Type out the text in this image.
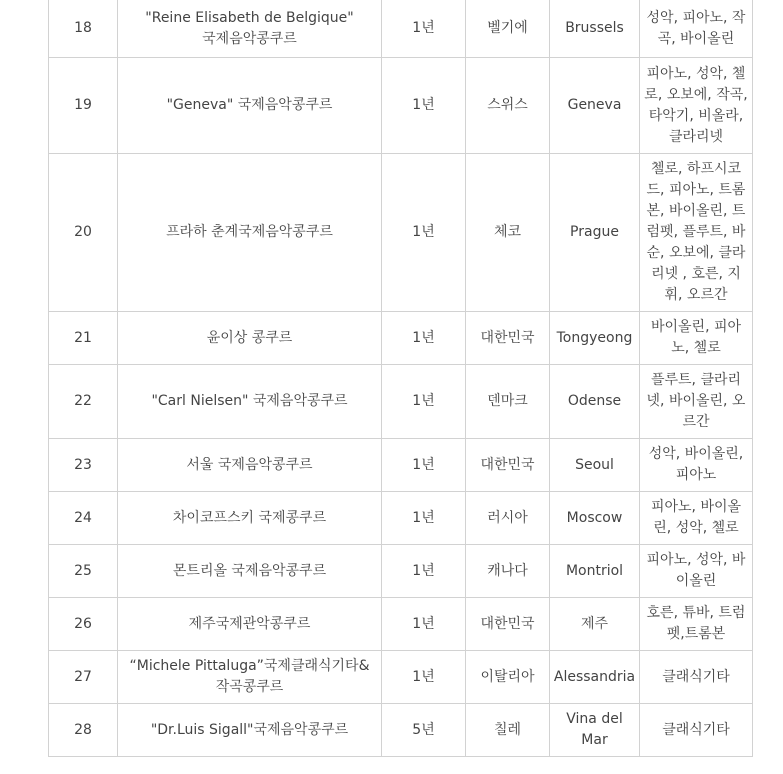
18	"Reine Elisabeth de Belgique" 국제음악콩쿠르	1년	벨기에	Brussels	성악, 피아노, 작곡, 바이올린
19	"Geneva" 국제음악콩쿠르	1년	스위스	Geneva	피아노, 성악, 첼로, 오보에, 작곡, 타악기, 비올라, 클라리넷
20	프라하 춘계국제음악콩쿠르	1년	체코	Prague	첼로, 하프시코드, 피아노, 트롬본, 바이올린, 트럼펫, 플루트, 바순, 오보에, 클라리넷 , 호른, 지휘, 오르간
21	윤이상 콩쿠르	1년	대한민국	Tongyeong	바이올린, 피아노, 첼로
22	"Carl Nielsen" 국제음악콩쿠르	1년	덴마크	Odense	플루트, 클라리넷, 바이올린, 오르간
23	서울 국제음악콩쿠르	1년	대한민국	Seoul	성악, 바이올린, 피아노
24	차이코프스키 국제콩쿠르	1년	러시아	Moscow	피아노, 바이올린, 성악, 첼로
25	몬트리올 국제음악콩쿠르	1년	캐나다	Montriol	피아노, 성악, 바이올린
26	제주국제관악콩쿠르	1년	대한민국	제주	호른, 튜바, 트럼펫,트롬본
27	“Michele Pittaluga”국제클래식기타&작곡콩쿠르	1년	이탈리아	Alessandria	클래식기타
28	"Dr.Luis Sigall"국제음악콩쿠르	5년	칠레	Vina del Mar	클래식기타
